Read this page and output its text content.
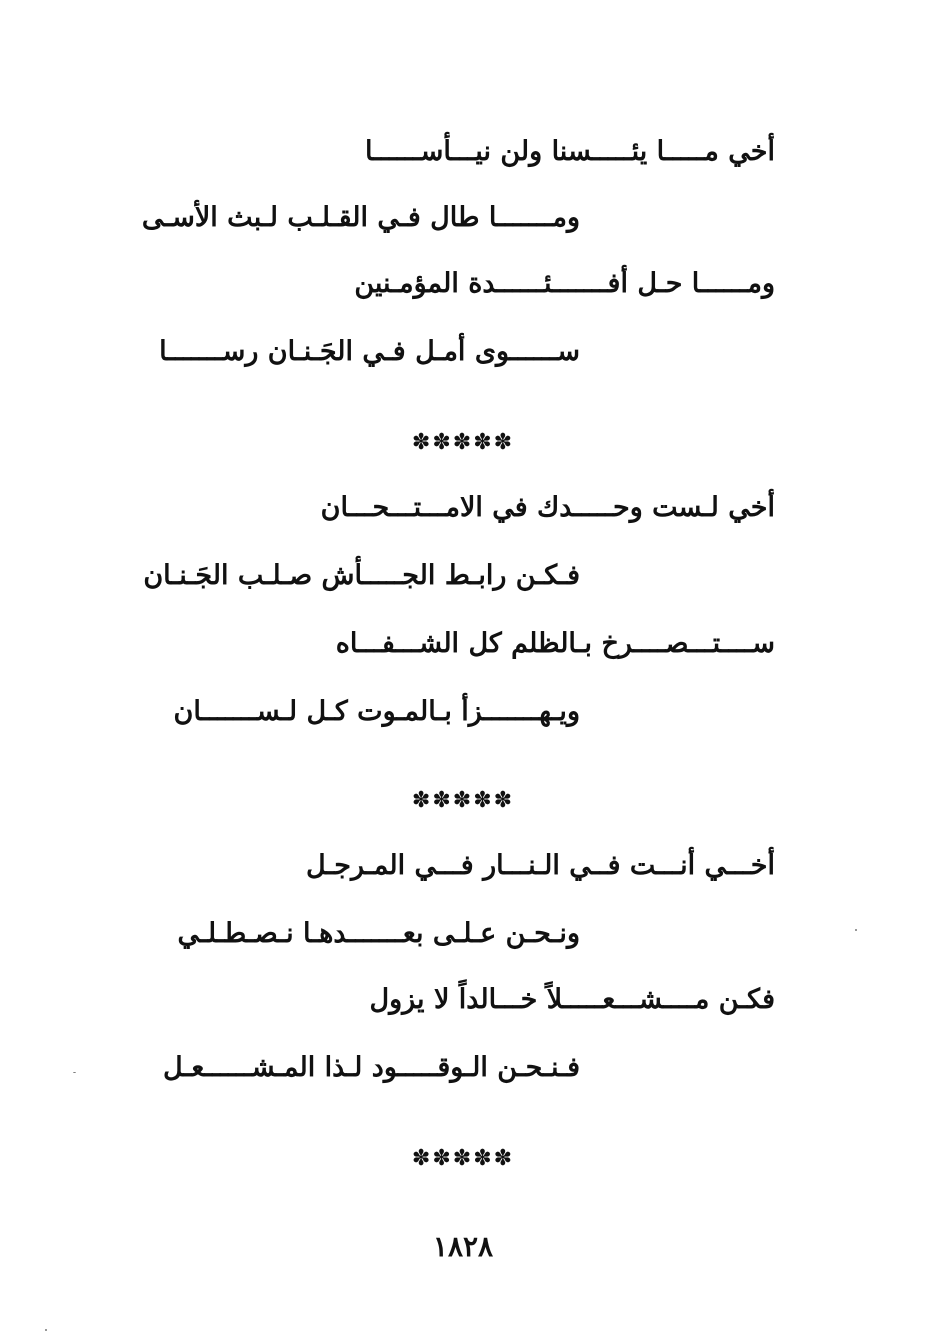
أخي مـــــا يئـــــسنا ولن نيـــأســــــا
ومـــــــا طال فـي القـلـب لـبث الأسـى
ومــــــا حـل أفـــــــئــــــدة المؤمـنين
ســــــوى أمـل فـي الجَـنـان رســـــــا
✽✽✽✽✽
أخي لـست وحـــــدك في الامـــتـــحـــان
فـكـن رابـط الجـــــأش صـلـب الجَـنـان
ســــتـــصــــرخ بـالظلم كل الشـــفـــاه
ويـهـــــــزأ بـالمـوت كـل لـســـــــان
✽✽✽✽✽
أخـــي أنـــت فــي الـنـــار فـــي المـرجـل
ونـحـن عـلـى بعـــــــدهـا نـصـطـلـي
فكـن مــــشـــعـــــلاً خـــالداً لا يزول
فـنـحـن الـوقـــــود لـذا المـشــــــعـل
✽✽✽✽✽
١٨٢٨
